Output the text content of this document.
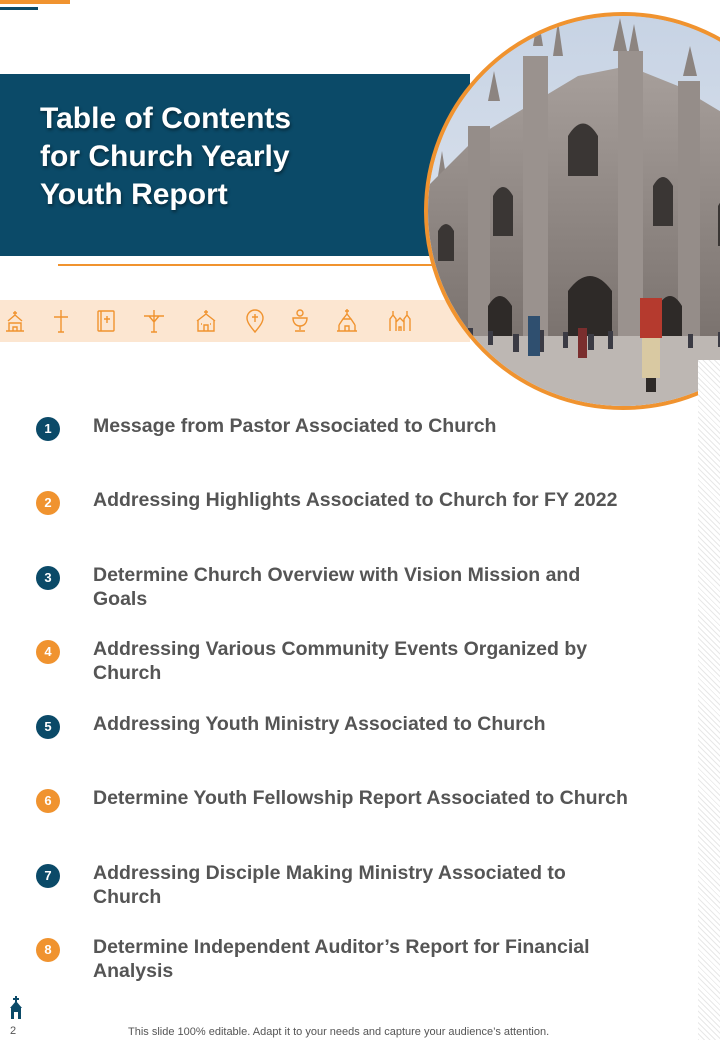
Table of Contents
for Church Yearly
Youth Report
1	Message from Pastor Associated to Church
2	Addressing Highlights Associated to Church for FY 2022
3	Determine Church Overview with Vision Mission and Goals
4	Addressing Various Community Events Organized by Church
5	Addressing Youth Ministry Associated to Church
6	Determine Youth Fellowship Report Associated to Church
7	Addressing Disciple Making Ministry Associated to Church
8	Determine Independent Auditor’s Report for Financial Analysis
2	This slide 100% editable. Adapt it to your needs and capture your audience’s attention.
